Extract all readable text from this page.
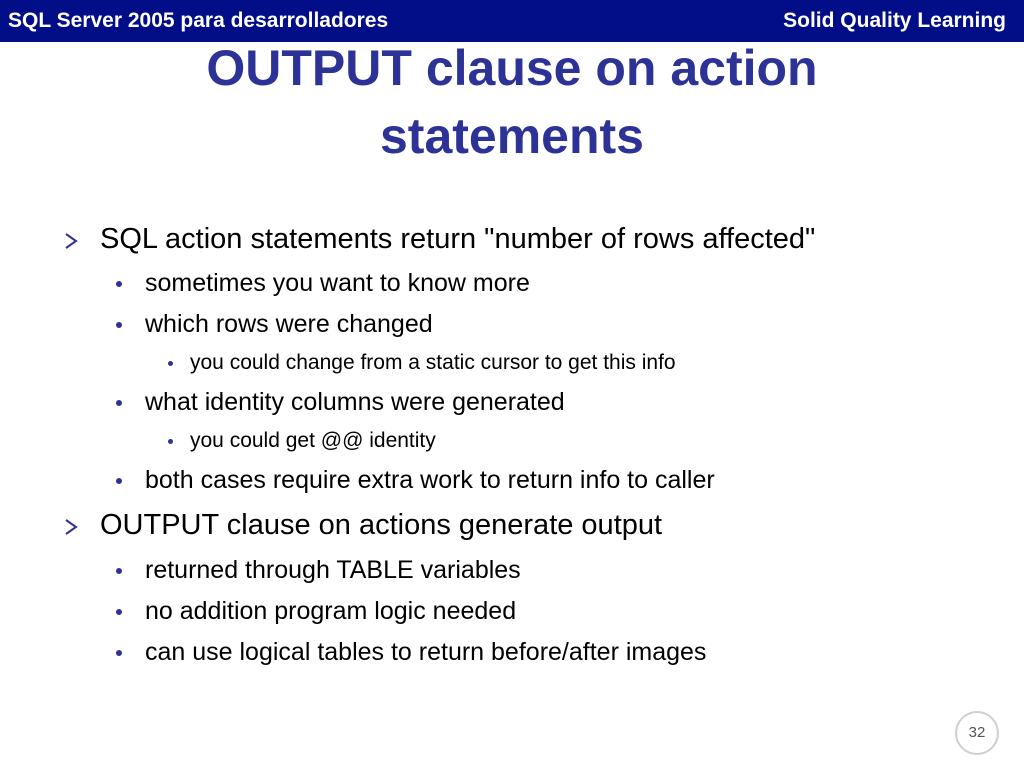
SQL Server 2005 para desarrolladores	Solid Quality Learning
OUTPUT clause on action
statements
SQL action statements return "number of rows affected"
sometimes you want to know more
which rows were changed
you could change from a static cursor to get this info
what identity columns were generated
you could get @@ identity
both cases require extra work to return info to caller
OUTPUT clause on actions generate output
returned through TABLE variables
no addition program logic needed
can use logical tables to return before/after images
32
